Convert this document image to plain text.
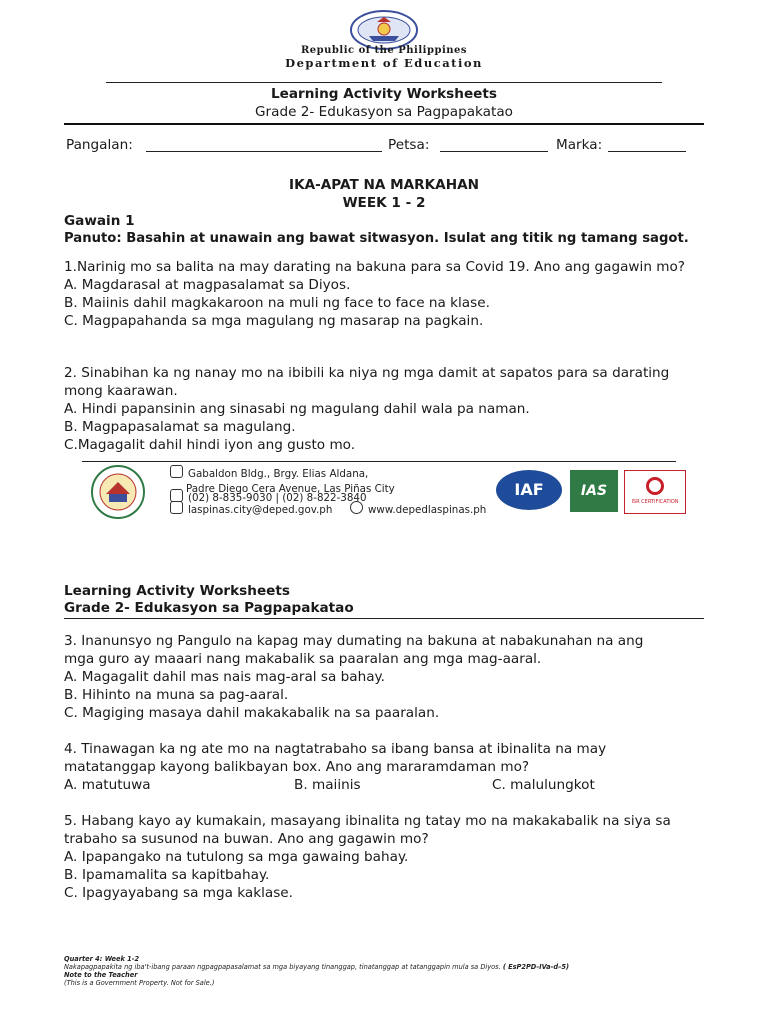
Republic of the Philippines
Department of Education
Learning Activity Worksheets
Grade 2- Edukasyon sa Pagpapakatao
Pangalan:	Petsa:	Marka:
IKA-APAT NA MARKAHAN
WEEK 1 - 2
Gawain 1
Panuto: Basahin at unawain ang bawat sitwasyon. Isulat ang titik ng tamang sagot.
1.Narinig mo sa balita na may darating na bakuna para sa Covid 19. Ano ang gagawin mo?
A. Magdarasal at magpasalamat sa Diyos.
B. Maiinis dahil magkakaroon na muli ng face to face na klase.
C. Magpapahanda sa mga magulang ng masarap na pagkain.
2. Sinabihan ka ng nanay mo na ibibili ka niya ng mga damit at sapatos para sa darating mong kaarawan.
A. Hindi papansinin ang sinasabi ng magulang dahil wala pa naman.
B. Magpapasalamat sa magulang.
C.Magagalit dahil hindi iyon ang gusto mo.
Gabaldon Bldg., Brgy. Elias Aldana,
Padre Diego Cera Avenue, Las Piñas City
(02) 8-835-9030 | (02) 8-822-3840
laspinas.city@deped.gov.ph	www.depedlaspinas.ph
IAF	IAS
ISR CERTIFICATION
Learning Activity Worksheets
Grade 2- Edukasyon sa Pagpapakatao
3. Inanunsyo ng Pangulo na kapag may dumating na bakuna at nabakunahan na ang
mga guro ay maaari nang makabalik sa paaralan ang mga mag-aaral.
A. Magagalit dahil mas nais mag-aral sa bahay.
B. Hihinto na muna sa pag-aaral.
C. Magiging masaya dahil makakabalik na sa paaralan.
4. Tinawagan ka ng ate mo na nagtatrabaho sa ibang bansa at ibinalita na may
matatanggap kayong balikbayan box. Ano ang mararamdaman mo?
A. matutuwa	B. maiinis	C. malulungkot
5. Habang kayo ay kumakain, masayang ibinalita ng tatay mo na makakabalik na siya sa
trabaho sa susunod na buwan. Ano ang gagawin mo?
A. Ipapangako na tutulong sa mga gawaing bahay.
B. Ipamamalita sa kapitbahay.
C. Ipagyayabang sa mga kaklase.
Quarter 4: Week 1-2
Nakapagpapakita ng iba't-ibang paraan ngpagpapasalamat sa mga biyayang tinanggap, tinatanggap at tatanggapin mula sa Diyos. ( EsP2PD-IVa-d–5)
Note to the Teacher
(This is a Government Property. Not for Sale.)
